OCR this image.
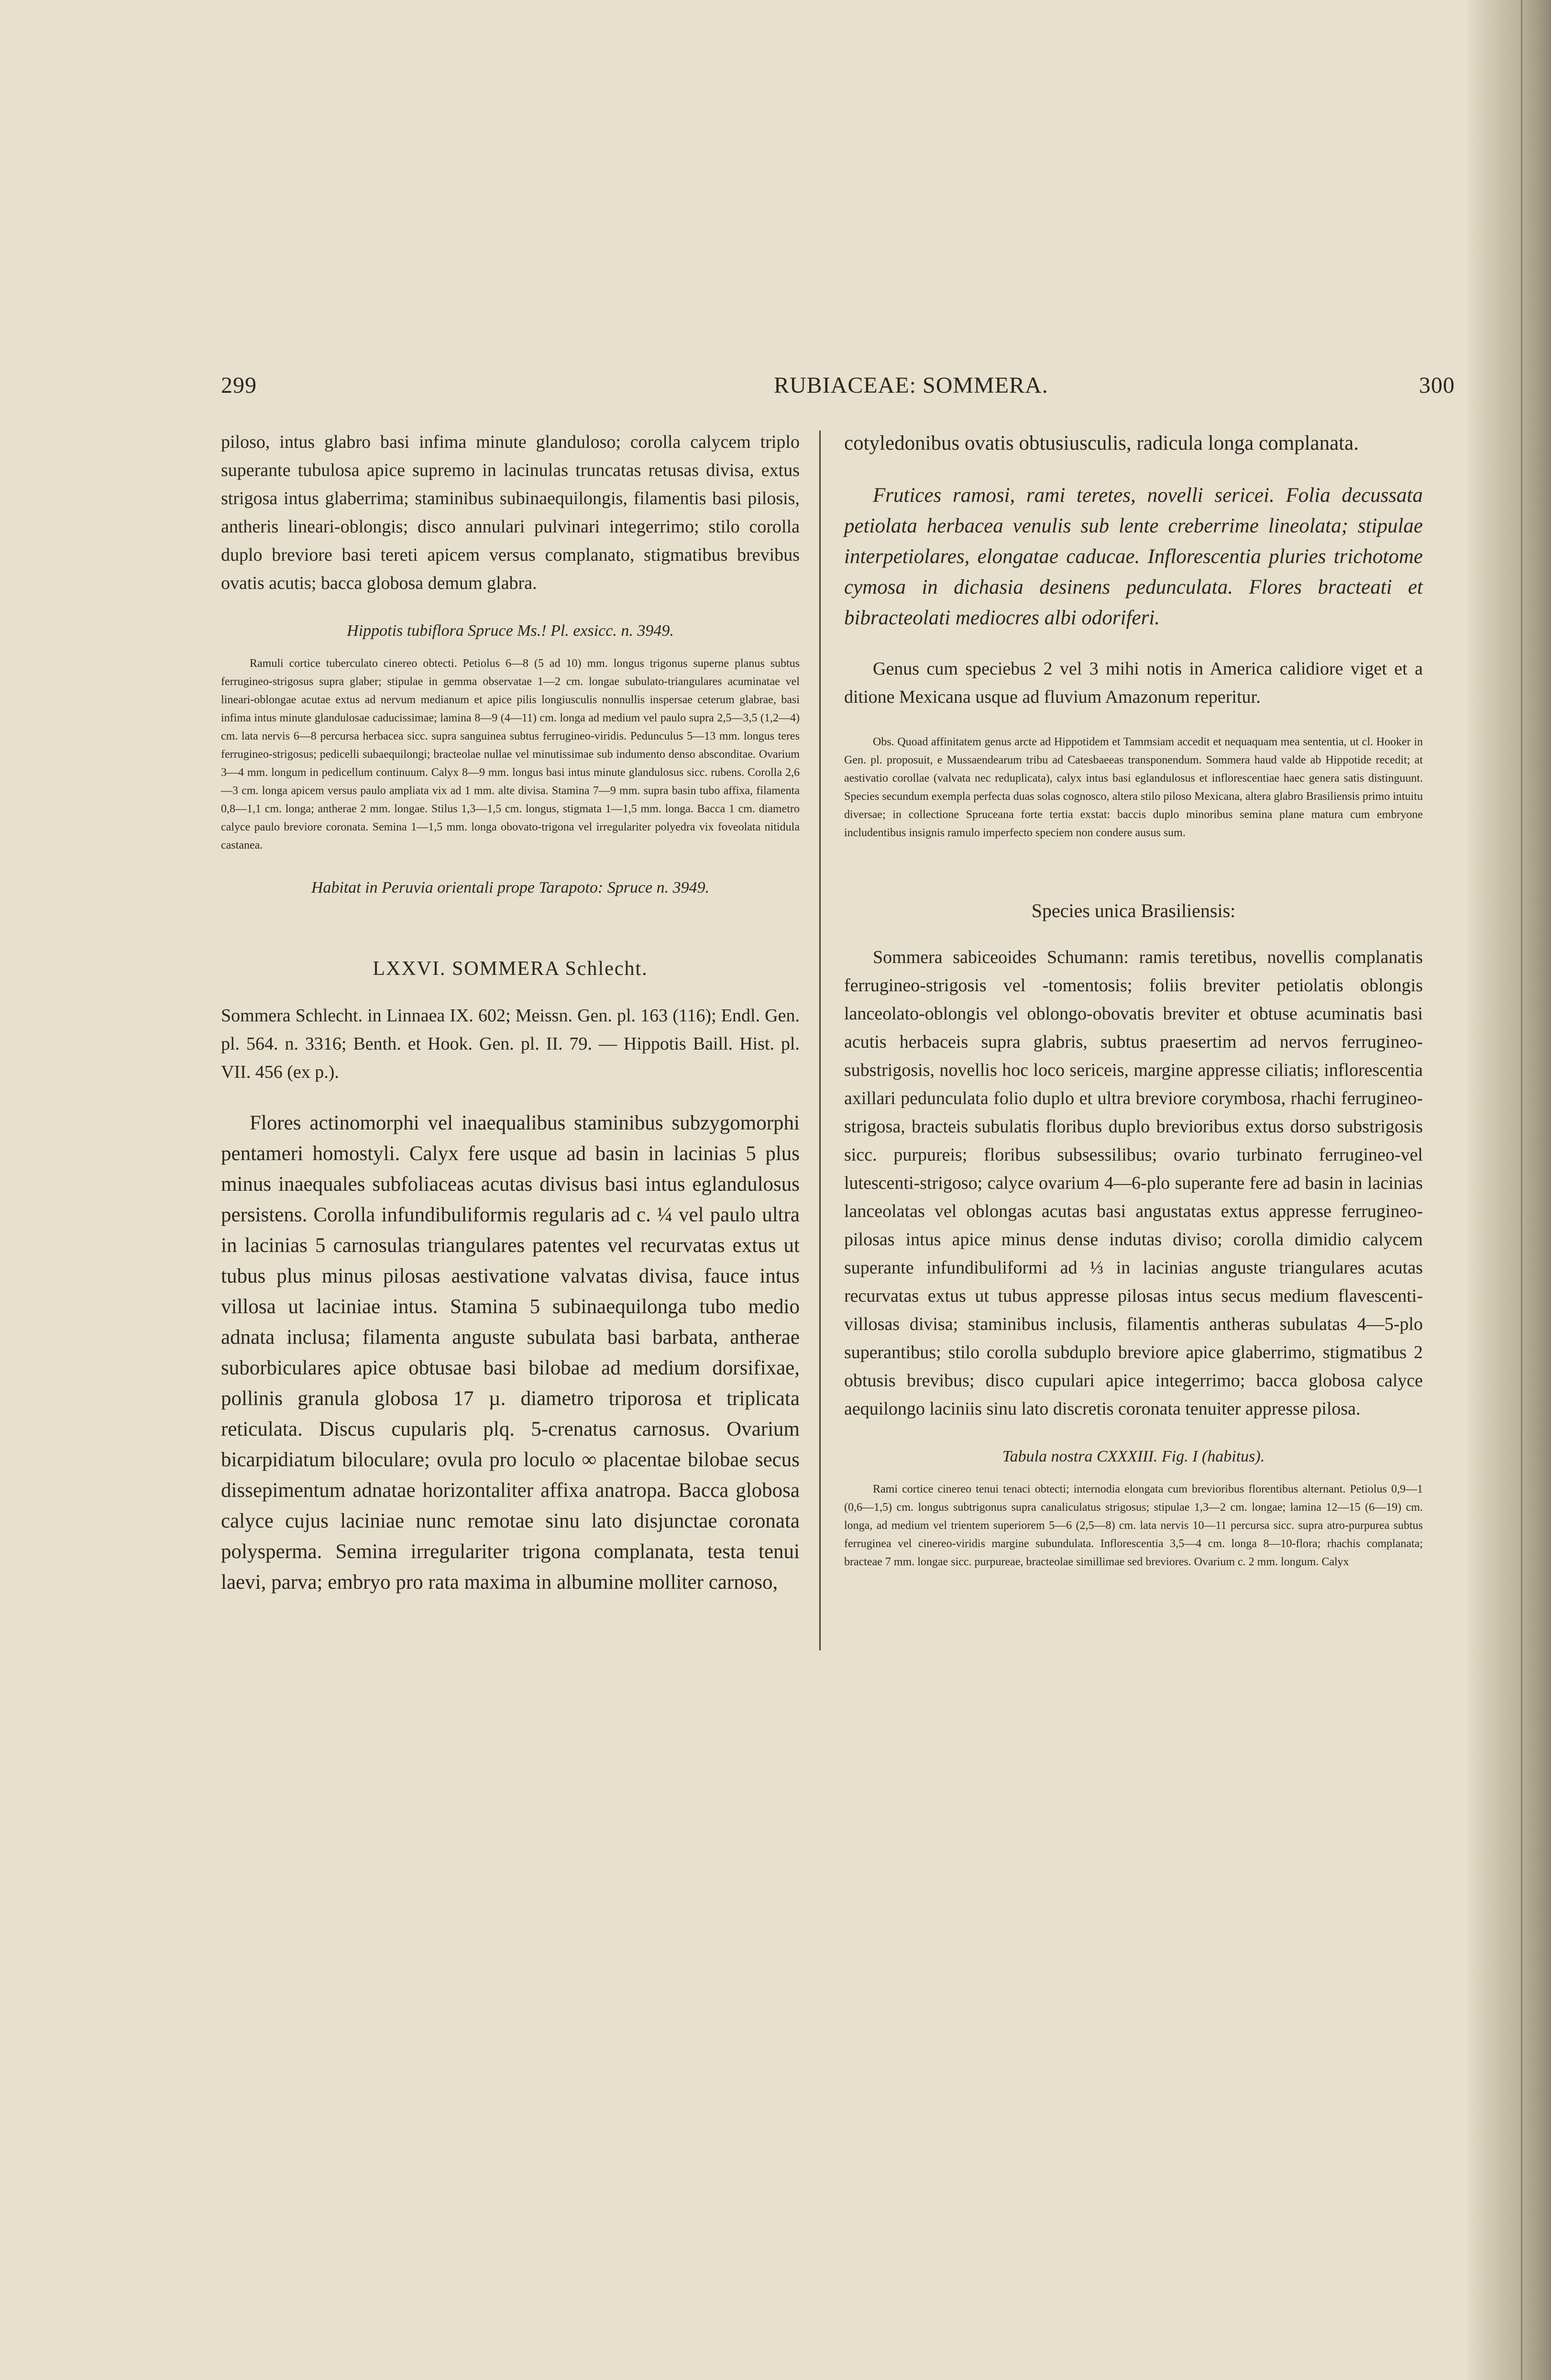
299	RUBIACEAE: SOMMERA.	300

piloso, intus glabro basi infima minute glanduloso; corolla calycem triplo superante tubulosa apice supremo in lacinulas truncatas retusas divisa, extus strigosa intus glaberrima; staminibus subinaequilongis, filamentis basi pilosis, antheris lineari-oblongis; disco annulari pulvinari integerrimo; stilo corolla duplo breviore basi tereti apicem versus complanato, stigmatibus brevibus ovatis acutis; bacca globosa demum glabra.

Hippotis tubiflora Spruce Ms.! Pl. exsicc. n. 3949.

Ramuli cortice tuberculato cinereo obtecti. Petiolus 6—8 (5 ad 10) mm. longus trigonus superne planus subtus ferrugineo-strigosus supra glaber; stipulae in gemma observatae 1—2 cm. longae subulato-triangulares acuminatae vel lineari-oblongae acutae extus ad nervum medianum et apice pilis longiusculis nonnullis inspersae ceterum glabrae, basi infima intus minute glandulosae caducissimae; lamina 8—9 (4—11) cm. longa ad medium vel paulo supra 2,5—3,5 (1,2—4) cm. lata nervis 6—8 percursa herbacea sicc. supra sanguinea subtus ferrugineo-viridis. Pedunculus 5—13 mm. longus teres ferrugineo-strigosus; pedicelli subaequilongi; bracteolae nullae vel minutissimae sub indumento denso absconditae. Ovarium 3—4 mm. longum in pedicellum continuum. Calyx 8—9 mm. longus basi intus minute glandulosus sicc. rubens. Corolla 2,6—3 cm. longa apicem versus paulo ampliata vix ad 1 mm. alte divisa. Stamina 7—9 mm. supra basin tubo affixa, filamenta 0,8—1,1 cm. longa; antherae 2 mm. longae. Stilus 1,3—1,5 cm. longus, stigmata 1—1,5 mm. longa. Bacca 1 cm. diametro calyce paulo breviore coronata. Semina 1—1,5 mm. longa obovato-trigona vel irregulariter polyedra vix foveolata nitidula castanea.

Habitat in Peruvia orientali prope Tarapoto: Spruce n. 3949.

LXXVI. SOMMERA Schlecht.

Sommera Schlecht. in Linnaea IX. 602; Meissn. Gen. pl. 163 (116); Endl. Gen. pl. 564. n. 3316; Benth. et Hook. Gen. pl. II. 79. — Hippotis Baill. Hist. pl. VII. 456 (ex p.).

Flores actinomorphi vel inaequalibus staminibus subzygomorphi pentameri homostyli. Calyx fere usque ad basin in lacinias 5 plus minus inaequales subfoliaceas acutas divisus basi intus eglandulosus persistens. Corolla infundibuliformis regularis ad c. ¼ vel paulo ultra in lacinias 5 carnosulas triangulares patentes vel recurvatas extus ut tubus plus minus pilosas aestivatione valvatas divisa, fauce intus villosa ut laciniae intus. Stamina 5 subinaequilonga tubo medio adnata inclusa; filamenta anguste subulata basi barbata, antherae suborbiculares apice obtusae basi bilobae ad medium dorsifixae, pollinis granula globosa 17 µ. diametro triporosa et triplicata reticulata. Discus cupularis plq. 5-crenatus carnosus. Ovarium bicarpidiatum biloculare; ovula pro loculo ∞ placentae bilobae secus dissepimentum adnatae horizontaliter affixa anatropa. Bacca globosa calyce cujus laciniae nunc remotae sinu lato disjunctae coronata polysperma. Semina irregulariter trigona complanata, testa tenui laevi, parva; embryo pro rata maxima in albumine molliter carnoso,

cotyledonibus ovatis obtusiusculis, radicula longa complanata.

Frutices ramosi, rami teretes, novelli sericei. Folia decussata petiolata herbacea venulis sub lente creberrime lineolata; stipulae interpetiolares, elongatae caducae. Inflorescentia pluries trichotome cymosa in dichasia desinens pedunculata. Flores bracteati et bibracteolati mediocres albi odoriferi.

Genus cum speciebus 2 vel 3 mihi notis in America calidiore viget et a ditione Mexicana usque ad fluvium Amazonum reperitur.

Obs. Quoad affinitatem genus arcte ad Hippotidem et Tammsiam accedit et nequaquam mea sententia, ut cl. Hooker in Gen. pl. proposuit, e Mussaendearum tribu ad Catesbaeeas transponendum. Sommera haud valde ab Hippotide recedit; at aestivatio corollae (valvata nec reduplicata), calyx intus basi eglandulosus et inflorescentiae haec genera satis distinguunt. Species secundum exempla perfecta duas solas cognosco, altera stilo piloso Mexicana, altera glabro Brasiliensis primo intuitu diversae; in collectione Spruceana forte tertia exstat: baccis duplo minoribus semina plane matura cum embryone includentibus insignis ramulo imperfecto speciem non condere ausus sum.

Species unica Brasiliensis:

Sommera sabiceoides Schumann: ramis teretibus, novellis complanatis ferrugineo-strigosis vel -tomentosis; foliis breviter petiolatis oblongis lanceolato-oblongis vel oblongo-obovatis breviter et obtuse acuminatis basi acutis herbaceis supra glabris, subtus praesertim ad nervos ferrugineo-substrigosis, novellis hoc loco sericeis, margine appresse ciliatis; inflorescentia axillari pedunculata folio duplo et ultra breviore corymbosa, rhachi ferrugineo-strigosa, bracteis subulatis floribus duplo brevioribus extus dorso substrigosis sicc. purpureis; floribus subsessilibus; ovario turbinato ferrugineo-vel lutescenti-strigoso; calyce ovarium 4—6-plo superante fere ad basin in lacinias lanceolatas vel oblongas acutas basi angustatas extus appresse ferrugineo-pilosas intus apice minus dense indutas diviso; corolla dimidio calycem superante infundibuliformi ad ⅓ in lacinias anguste triangulares acutas recurvatas extus ut tubus appresse pilosas intus secus medium flavescenti-villosas divisa; staminibus inclusis, filamentis antheras subulatas 4—5-plo superantibus; stilo corolla subduplo breviore apice glaberrimo, stigmatibus 2 obtusis brevibus; disco cupulari apice integerrimo; bacca globosa calyce aequilongo laciniis sinu lato discretis coronata tenuiter appresse pilosa.

Tabula nostra CXXXIII. Fig. I (habitus).

Rami cortice cinereo tenui tenaci obtecti; internodia elongata cum brevioribus florentibus alternant. Petiolus 0,9—1 (0,6—1,5) cm. longus subtrigonus supra canaliculatus strigosus; stipulae 1,3—2 cm. longae; lamina 12—15 (6—19) cm. longa, ad medium vel trientem superiorem 5—6 (2,5—8) cm. lata nervis 10—11 percursa sicc. supra atro-purpurea subtus ferruginea vel cinereo-viridis margine subundulata. Inflorescentia 3,5—4 cm. longa 8—10-flora; rhachis complanata; bracteae 7 mm. longae sicc. purpureae, bracteolae simillimae sed breviores. Ovarium c. 2 mm. longum. Calyx
